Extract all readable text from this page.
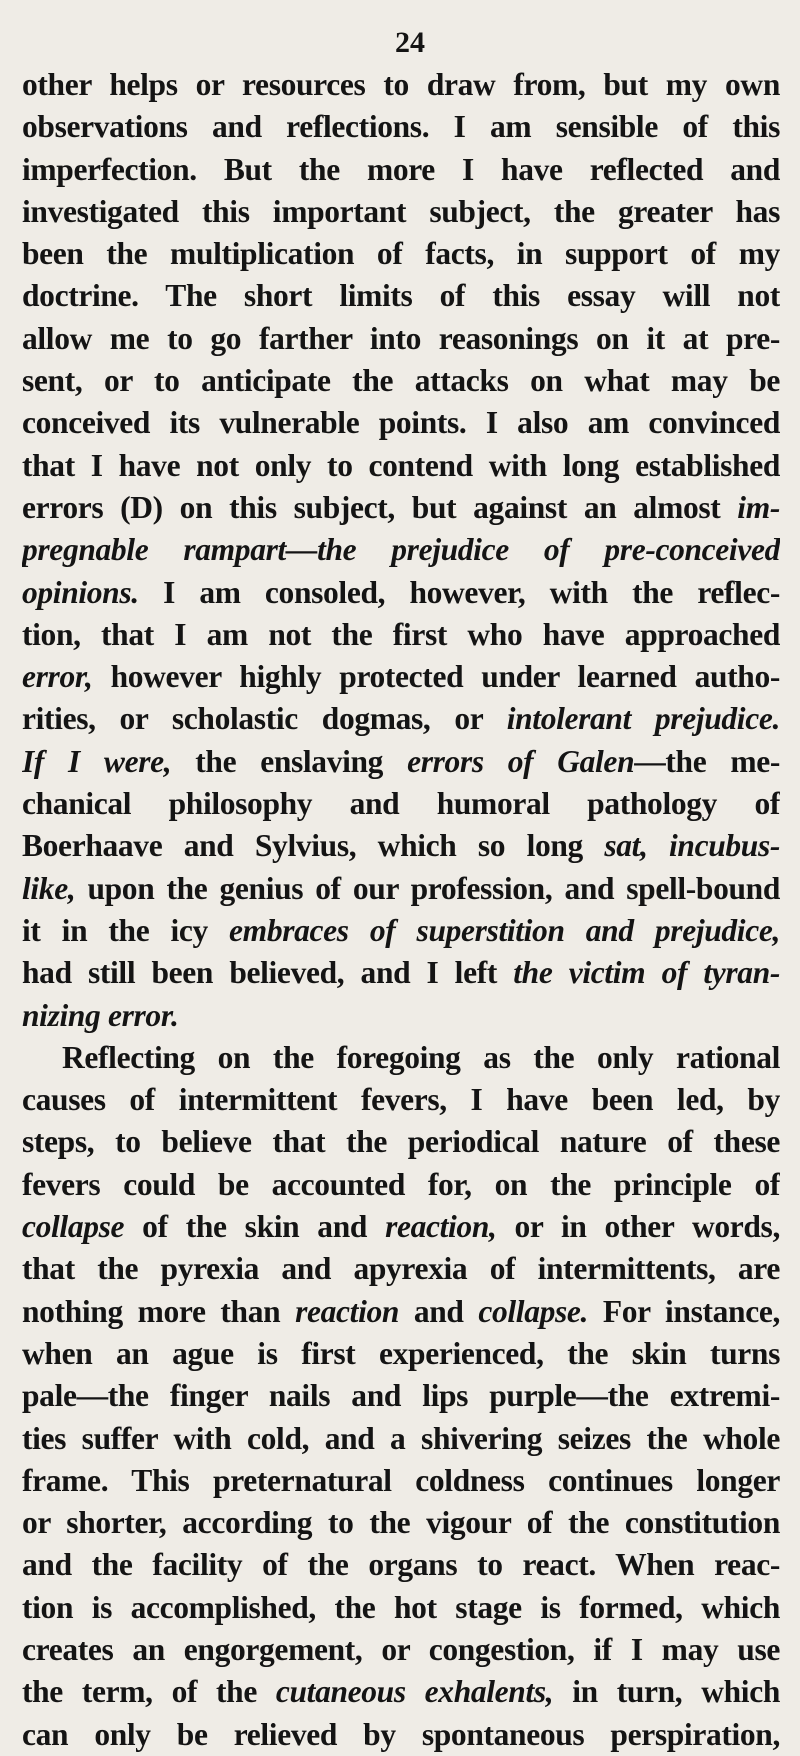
24
other helps or resources to draw from, but my own
observations and reflections. I am sensible of this
imperfection. But the more I have reflected and
investigated this important subject, the greater has
been the multiplication of facts, in support of my
doctrine. The short limits of this essay will not
allow me to go farther into reasonings on it at pre-
sent, or to anticipate the attacks on what may be
conceived its vulnerable points. I also am convinced
that I have not only to contend with long established
errors (D) on this subject, but against an almost im-
pregnable rampart—the prejudice of pre-conceived
opinions. I am consoled, however, with the reflec-
tion, that I am not the first who have approached
error, however highly protected under learned autho-
rities, or scholastic dogmas, or intolerant prejudice.
If I were, the enslaving errors of Galen—the me-
chanical philosophy and humoral pathology of
Boerhaave and Sylvius, which so long sat, incubus-
like, upon the genius of our profession, and spell-bound
it in the icy embraces of superstition and prejudice,
had still been believed, and I left the victim of tyran-
nizing error.
Reflecting on the foregoing as the only rational
causes of intermittent fevers, I have been led, by
steps, to believe that the periodical nature of these
fevers could be accounted for, on the principle of
collapse of the skin and reaction, or in other words,
that the pyrexia and apyrexia of intermittents, are
nothing more than reaction and collapse. For instance,
when an ague is first experienced, the skin turns
pale—the finger nails and lips purple—the extremi-
ties suffer with cold, and a shivering seizes the whole
frame. This preternatural coldness continues longer
or shorter, according to the vigour of the constitution
and the facility of the organs to react. When reac-
tion is accomplished, the hot stage is formed, which
creates an engorgement, or congestion, if I may use
the term, of the cutaneous exhalents, in turn, which
can only be relieved by spontaneous perspiration,
